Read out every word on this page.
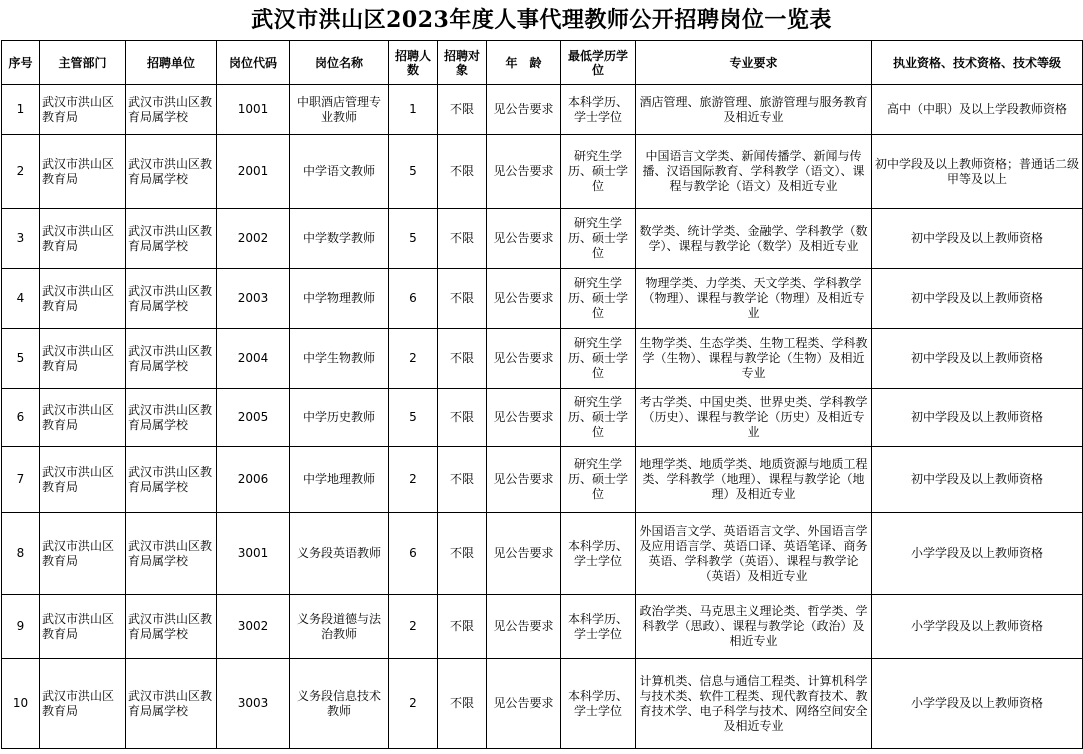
武汉市洪山区2023年度人事代理教师公开招聘岗位一览表
序号	主管部门	招聘单位	岗位代码	岗位名称	招聘人数	招聘对象	年　龄	最低学历学位	专业要求	执业资格、技术资格、技术等级
1	武汉市洪山区教育局	武汉市洪山区教育局属学校	1001	中职酒店管理专业教师	1	不限	见公告要求	本科学历、学士学位	酒店管理、旅游管理、旅游管理与服务教育及相近专业	高中（中职）及以上学段教师资格
2	武汉市洪山区教育局	武汉市洪山区教育局属学校	2001	中学语文教师	5	不限	见公告要求	研究生学历、硕士学位	中国语言文学类、新闻传播学、新闻与传播、汉语国际教育、学科教学（语文）、课程与教学论（语文）及相近专业	初中学段及以上教师资格；普通话二级甲等及以上
3	武汉市洪山区教育局	武汉市洪山区教育局属学校	2002	中学数学教师	5	不限	见公告要求	研究生学历、硕士学位	数学类、统计学类、金融学、学科教学（数学）、课程与教学论（数学）及相近专业	初中学段及以上教师资格
4	武汉市洪山区教育局	武汉市洪山区教育局属学校	2003	中学物理教师	6	不限	见公告要求	研究生学历、硕士学位	物理学类、力学类、天文学类、学科教学（物理）、课程与教学论（物理）及相近专业	初中学段及以上教师资格
5	武汉市洪山区教育局	武汉市洪山区教育局属学校	2004	中学生物教师	2	不限	见公告要求	研究生学历、硕士学位	生物学类、生态学类、生物工程类、学科教学（生物）、课程与教学论（生物）及相近专业	初中学段及以上教师资格
6	武汉市洪山区教育局	武汉市洪山区教育局属学校	2005	中学历史教师	5	不限	见公告要求	研究生学历、硕士学位	考古学类、中国史类、世界史类、学科教学（历史）、课程与教学论（历史）及相近专业	初中学段及以上教师资格
7	武汉市洪山区教育局	武汉市洪山区教育局属学校	2006	中学地理教师	2	不限	见公告要求	研究生学历、硕士学位	地理学类、地质学类、地质资源与地质工程类、学科教学（地理）、课程与教学论（地理）及相近专业	初中学段及以上教师资格
8	武汉市洪山区教育局	武汉市洪山区教育局属学校	3001	义务段英语教师	6	不限	见公告要求	本科学历、学士学位	外国语言文学、英语语言文学、外国语言学及应用语言学、英语口译、英语笔译、商务英语、学科教学（英语）、课程与教学论（英语）及相近专业	小学学段及以上教师资格
9	武汉市洪山区教育局	武汉市洪山区教育局属学校	3002	义务段道德与法治教师	2	不限	见公告要求	本科学历、学士学位	政治学类、马克思主义理论类、哲学类、学科教学（思政）、课程与教学论（政治）及相近专业	小学学段及以上教师资格
10	武汉市洪山区教育局	武汉市洪山区教育局属学校	3003	义务段信息技术教师	2	不限	见公告要求	本科学历、学士学位	计算机类、信息与通信工程类、计算机科学与技术类、软件工程类、现代教育技术、教育技术学、电子科学与技术、网络空间安全及相近专业	小学学段及以上教师资格
